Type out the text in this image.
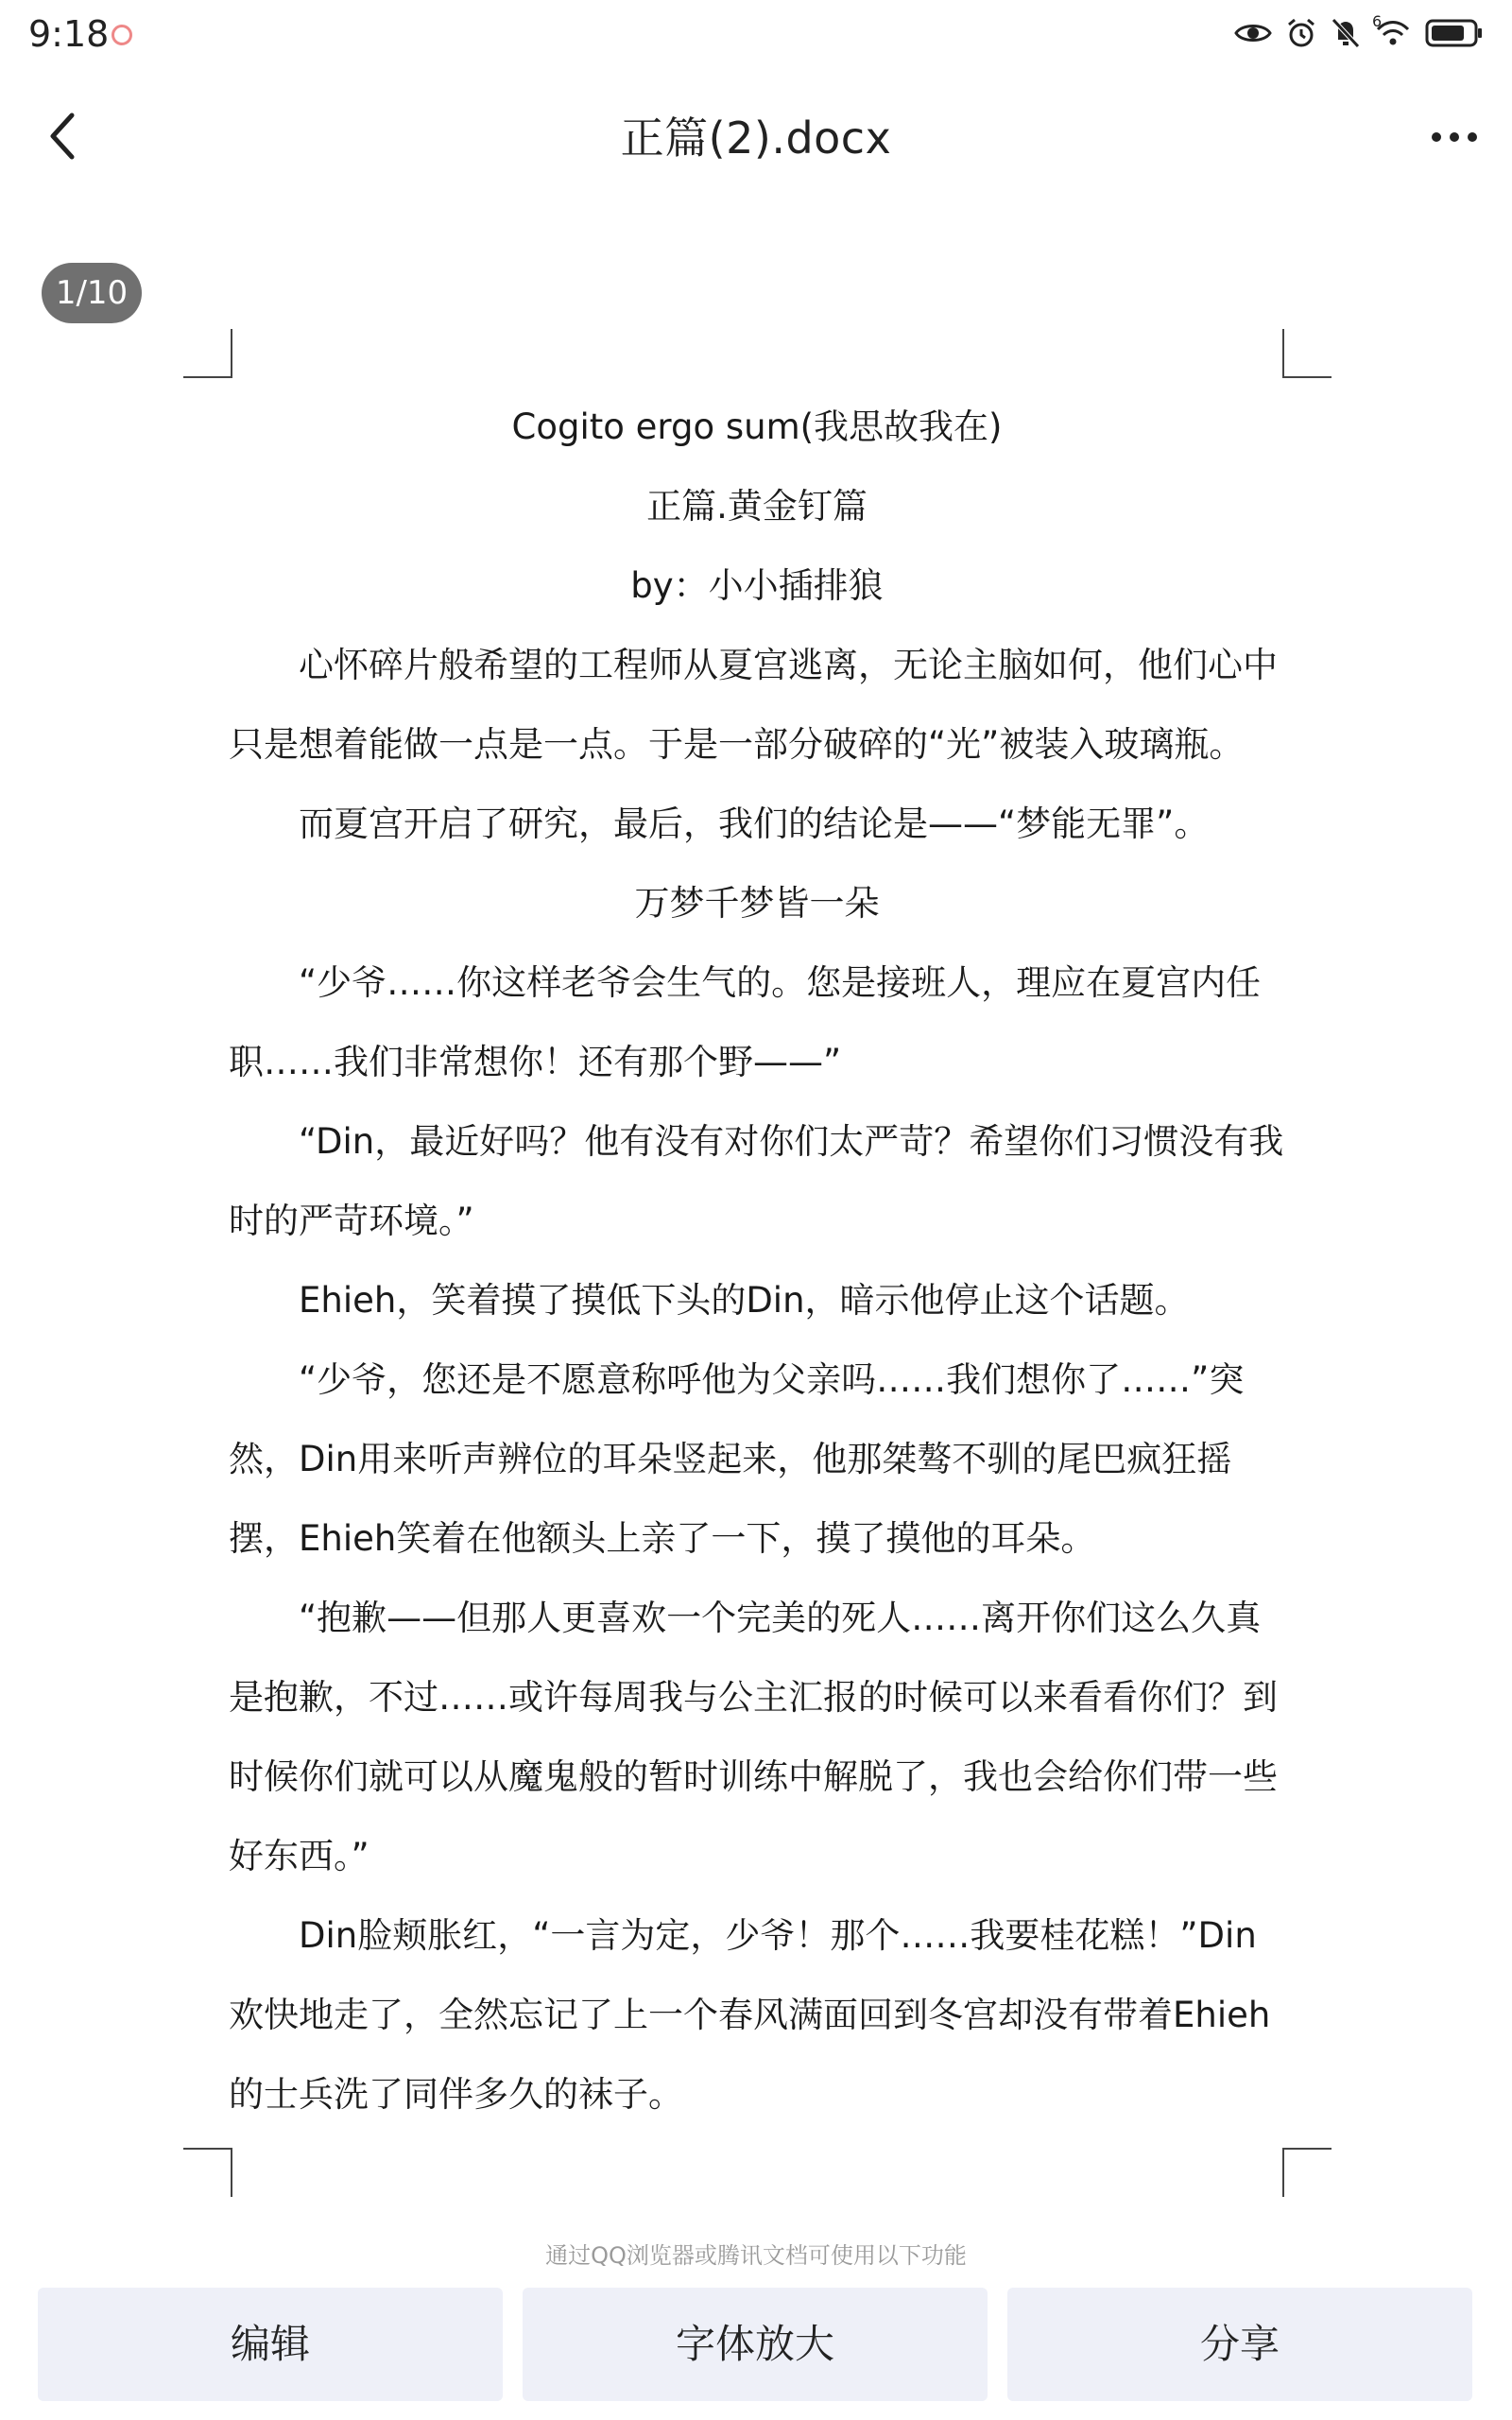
9:18	6
正篇(2).docx
1/10

Cogito ergo sum(我思故我在)

正篇.黄金钉篇

by：小小插排狼

心怀碎片般希望的工程师从夏宫逃离，无论主脑如何，他们心中只是想着能做一点是一点。于是一部分破碎的“光”被装入玻璃瓶。

而夏宫开启了研究，最后，我们的结论是——“梦能无罪”。

万梦千梦皆一朵

“少爷……你这样老爷会生气的。您是接班人，理应在夏宫内任职……我们非常想你！还有那个野——”

“Din，最近好吗？他有没有对你们太严苛？希望你们习惯没有我时的严苛环境。”

Ehieh，笑着摸了摸低下头的Din，暗示他停止这个话题。

“少爷，您还是不愿意称呼他为父亲吗……我们想你了……”突然，Din用来听声辨位的耳朵竖起来，他那桀骜不驯的尾巴疯狂摇摆，Ehieh笑着在他额头上亲了一下，摸了摸他的耳朵。

“抱歉——但那人更喜欢一个完美的死人……离开你们这么久真是抱歉，不过……或许每周我与公主汇报的时候可以来看看你们？到时候你们就可以从魔鬼般的暂时训练中解脱了，我也会给你们带一些好东西。”

Din脸颊胀红，“一言为定，少爷！那个……我要桂花糕！”Din欢快地走了，全然忘记了上一个春风满面回到冬宫却没有带着Ehieh的士兵洗了同伴多久的袜子。

通过QQ浏览器或腾讯文档可使用以下功能
编辑	字体放大	分享
